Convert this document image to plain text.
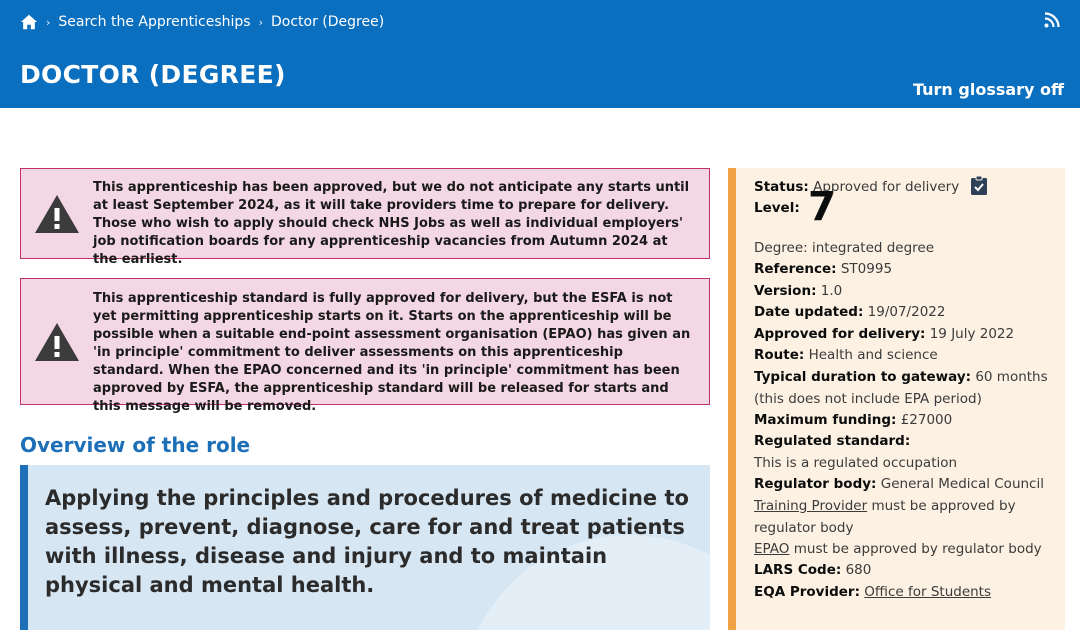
› Search the Apprenticeships › Doctor (Degree)
DOCTOR (DEGREE)
Turn glossary off

This apprenticeship has been approved, but we do not anticipate any starts until at least September 2024, as it will take providers time to prepare for delivery. Those who wish to apply should check NHS Jobs as well as individual employers' job notification boards for any apprenticeship vacancies from Autumn 2024 at the earliest.

This apprenticeship standard is fully approved for delivery, but the ESFA is not yet permitting apprenticeship starts on it. Starts on the apprenticeship will be possible when a suitable end-point assessment organisation (EPAO) has given an 'in principle' commitment to deliver assessments on this apprenticeship standard. When the EPAO concerned and its 'in principle' commitment has been approved by ESFA, the apprenticeship standard will be released for starts and this message will be removed.

Overview of the role

Applying the principles and procedures of medicine to assess, prevent, diagnose, care for and treat patients with illness, disease and injury and to maintain physical and mental health.

Status: Approved for delivery
Level: 7
Degree: integrated degree
Reference: ST0995
Version: 1.0
Date updated: 19/07/2022
Approved for delivery: 19 July 2022
Route: Health and science
Typical duration to gateway: 60 months (this does not include EPA period)
Maximum funding: £27000
Regulated standard:
This is a regulated occupation
Regulator body: General Medical Council
Training Provider must be approved by regulator body
EPAO must be approved by regulator body
LARS Code: 680
EQA Provider: Office for Students
